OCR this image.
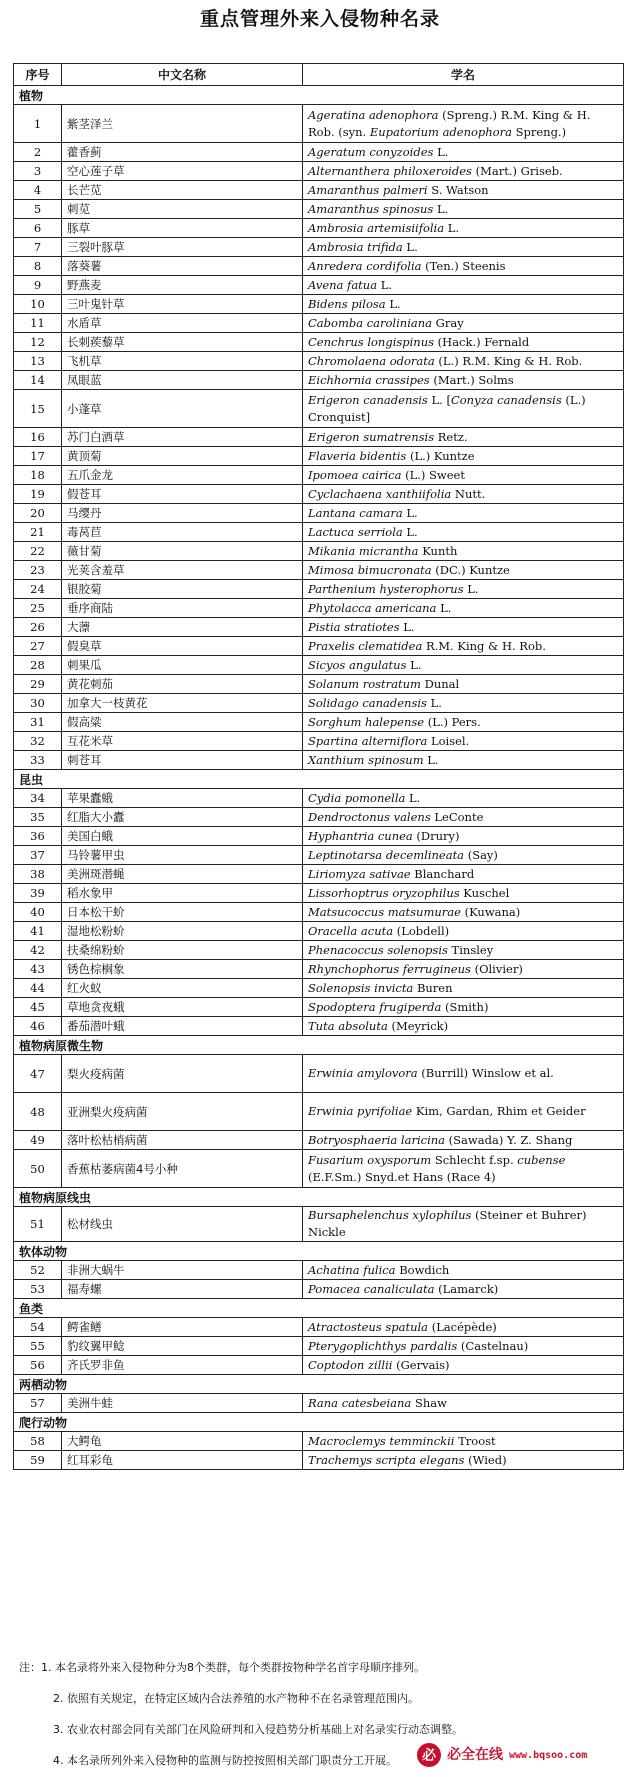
重点管理外来入侵物种名录
序号	中文名称	学名
植物		
1	紫茎泽兰	Ageratina adenophora (Spreng.) R.M. King & H. Rob. (syn. Eupatorium adenophora Spreng.)
2	藿香蓟	Ageratum conyzoides L.
3	空心莲子草	Alternanthera philoxeroides (Mart.) Griseb.
4	长芒苋	Amaranthus palmeri S. Watson
5	刺苋	Amaranthus spinosus L.
6	豚草	Ambrosia artemisiifolia L.
7	三裂叶豚草	Ambrosia trifida L.
8	落葵薯	Anredera cordifolia (Ten.) Steenis
9	野燕麦	Avena fatua L.
10	三叶鬼针草	Bidens pilosa L.
11	水盾草	Cabomba caroliniana Gray
12	长刺蒺藜草	Cenchrus longispinus (Hack.) Fernald
13	飞机草	Chromolaena odorata (L.) R.M. King & H. Rob.
14	凤眼蓝	Eichhornia crassipes (Mart.) Solms
15	小蓬草	Erigeron canadensis L. [Conyza canadensis (L.) Cronquist]
16	苏门白酒草	Erigeron sumatrensis Retz.
17	黄顶菊	Flaveria bidentis (L.) Kuntze
18	五爪金龙	Ipomoea cairica (L.) Sweet
19	假苍耳	Cyclachaena xanthiifolia Nutt.
20	马缨丹	Lantana camara L.
21	毒莴苣	Lactuca serriola L.
22	薇甘菊	Mikania micrantha Kunth
23	光荚含羞草	Mimosa bimucronata (DC.) Kuntze
24	银胶菊	Parthenium hysterophorus L.
25	垂序商陆	Phytolacca americana L.
26	大薸	Pistia stratiotes L.
27	假臭草	Praxelis clematidea R.M. King & H. Rob.
28	刺果瓜	Sicyos angulatus L.
29	黄花刺茄	Solanum rostratum Dunal
30	加拿大一枝黄花	Solidago canadensis L.
31	假高粱	Sorghum halepense (L.) Pers.
32	互花米草	Spartina alterniflora Loisel.
33	刺苍耳	Xanthium spinosum L.
昆虫		
34	苹果蠹蛾	Cydia pomonella L.
35	红脂大小蠹	Dendroctonus valens LeConte
36	美国白蛾	Hyphantria cunea (Drury)
37	马铃薯甲虫	Leptinotarsa decemlineata (Say)
38	美洲斑潜蝇	Liriomyza sativae Blanchard
39	稻水象甲	Lissorhoptrus oryzophilus Kuschel
40	日本松干蚧	Matsucoccus matsumurae (Kuwana)
41	湿地松粉蚧	Oracella acuta (Lobdell)
42	扶桑绵粉蚧	Phenacoccus solenopsis Tinsley
43	锈色棕榈象	Rhynchophorus ferrugineus (Olivier)
44	红火蚁	Solenopsis invicta Buren
45	草地贪夜蛾	Spodoptera frugiperda (Smith)
46	番茄潜叶蛾	Tuta absoluta (Meyrick)
植物病原微生物		
47	梨火疫病菌	Erwinia amylovora (Burrill) Winslow et al.
48	亚洲梨火疫病菌	Erwinia pyrifoliae Kim, Gardan, Rhim et Geider
49	落叶松枯梢病菌	Botryosphaeria laricina (Sawada) Y. Z. Shang
50	香蕉枯萎病菌4号小种	Fusarium oxysporum Schlecht f.sp. cubense (E.F.Sm.) Snyd.et Hans (Race 4)
植物病原线虫		
51	松材线虫	Bursaphelenchus xylophilus (Steiner et Buhrer) Nickle
软体动物		
52	非洲大蜗牛	Achatina fulica Bowdich
53	福寿螺	Pomacea canaliculata (Lamarck)
鱼类		
54	鳄雀鳝	Atractosteus spatula (Lacépède)
55	豹纹翼甲鲶	Pterygoplichthys pardalis (Castelnau)
56	齐氏罗非鱼	Coptodon zillii (Gervais)
两栖动物		
57	美洲牛蛙	Rana catesbeiana Shaw
爬行动物		
58	大鳄龟	Macroclemys temminckii Troost
59	红耳彩龟	Trachemys scripta elegans (Wied)
注：1. 本名录将外来入侵物种分为8个类群，每个类群按物种学名首字母顺序排列。
2. 依照有关规定，在特定区域内合法养殖的水产物种不在名录管理范围内。
3. 农业农村部会同有关部门在风险研判和入侵趋势分析基础上对名录实行动态调整。
4. 本名录所列外来入侵物种的监测与防控按照相关部门职责分工开展。	必 必全在线 www.bqsoo.com
